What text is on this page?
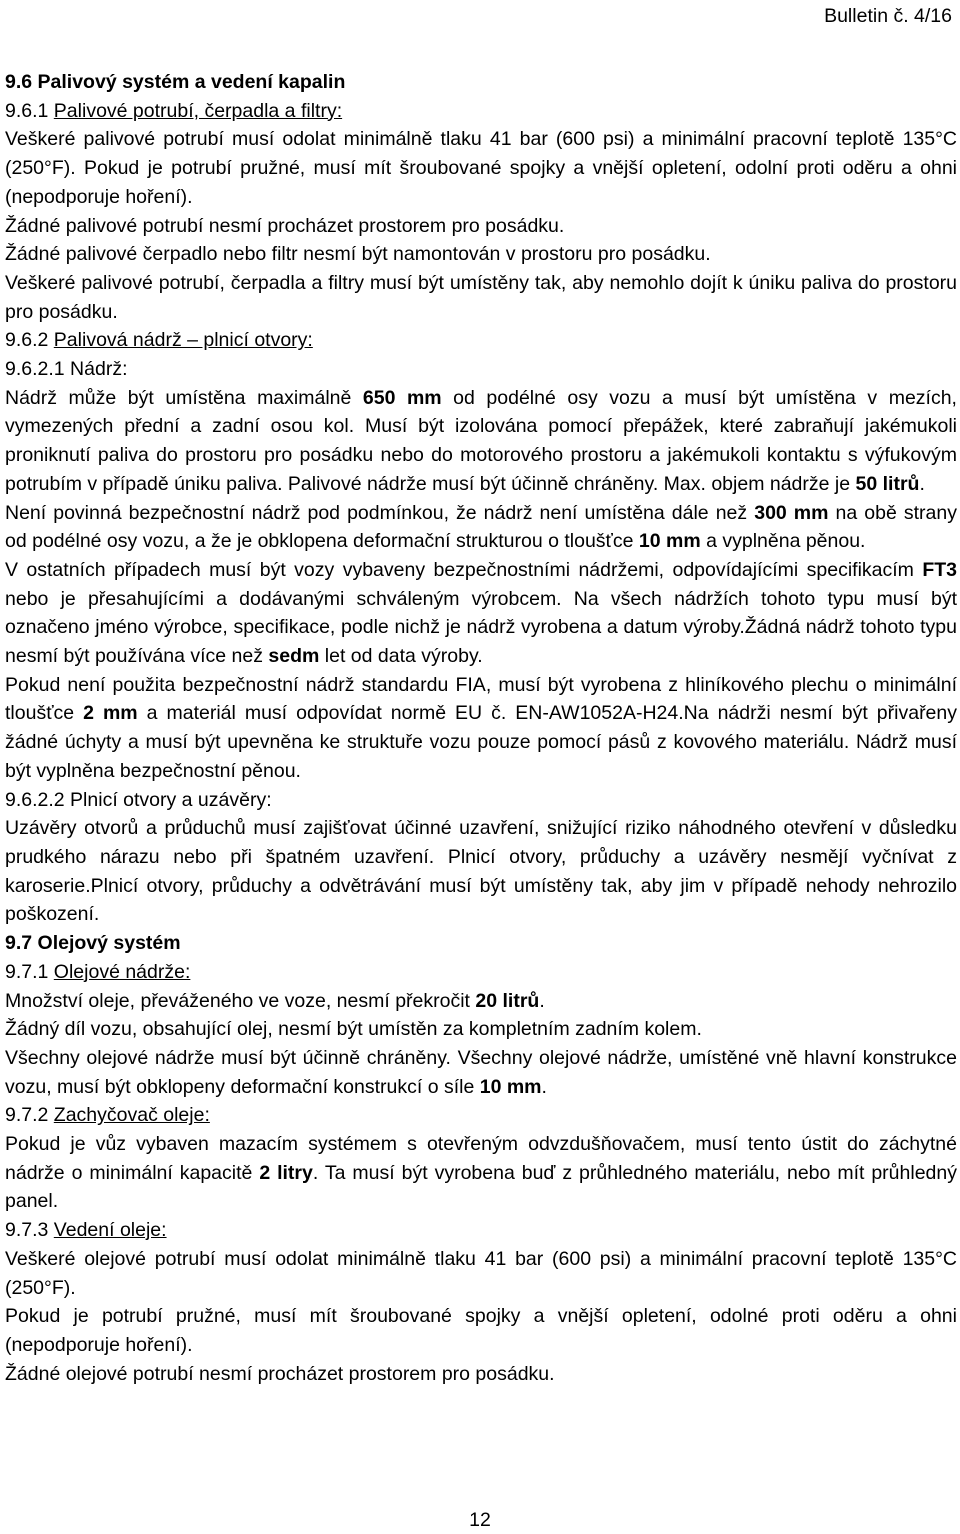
Bulletin č. 4/16

9.6 Palivový systém a vedení kapalin

9.6.1 Palivové potrubí, čerpadla a filtry:

Veškeré palivové potrubí musí odolat minimálně tlaku 41 bar (600 psi) a minimální pracovní teplotě 135°C (250°F). Pokud je potrubí pružné, musí mít šroubované spojky a vnější opletení, odolní proti oděru a ohni (nepodporuje hoření).

Žádné palivové potrubí nesmí procházet prostorem pro posádku.

Žádné palivové čerpadlo nebo filtr nesmí být namontován v prostoru pro posádku.

Veškeré palivové potrubí, čerpadla a filtry musí být umístěny tak, aby nemohlo dojít k úniku paliva do prostoru pro posádku.

9.6.2 Palivová nádrž – plnicí otvory:

9.6.2.1 Nádrž:

Nádrž může být umístěna maximálně 650 mm od podélné osy vozu a musí být umístěna v mezích, vymezených přední a zadní osou kol. Musí být izolována pomocí přepážek, které zabraňují jakémukoli proniknutí paliva do prostoru pro posádku nebo do motorového prostoru a jakémukoli kontaktu s výfukovým potrubím v případě úniku paliva. Palivové nádrže musí být účinně chráněny. Max. objem nádrže je 50 litrů.

Není povinná bezpečnostní nádrž pod podmínkou, že nádrž není umístěna dále než 300 mm na obě strany od podélné osy vozu, a že je obklopena deformační strukturou o tloušťce 10 mm a vyplněna pěnou.

V ostatních případech musí být vozy vybaveny bezpečnostními nádržemi, odpovídajícími specifikacím FT3 nebo je přesahujícími a dodávanými schváleným výrobcem. Na všech nádržích tohoto typu musí být označeno jméno výrobce, specifikace, podle nichž je nádrž vyrobena a datum výroby.Žádná nádrž tohoto typu nesmí být používána více než sedm let od data výroby.

Pokud není použita bezpečnostní nádrž standardu FIA, musí být vyrobena z hliníkového plechu o minimální tloušťce 2 mm a materiál musí odpovídat normě EU č. EN-AW1052A-H24.Na nádrži nesmí být přivařeny žádné úchyty a musí být upevněna ke struktuře vozu pouze pomocí pásů z kovového materiálu. Nádrž musí být vyplněna bezpečnostní pěnou.

9.6.2.2 Plnicí otvory a uzávěry:

Uzávěry otvorů a průduchů musí zajišťovat účinné uzavření, snižující riziko náhodného otevření v důsledku prudkého nárazu nebo při špatném uzavření. Plnicí otvory, průduchy a uzávěry nesmějí vyčnívat z karoserie.Plnicí otvory, průduchy a odvětrávání musí být umístěny tak, aby jim v případě nehody nehrozilo poškození.

9.7 Olejový systém

9.7.1 Olejové nádrže:

Množství oleje, převáženého ve voze, nesmí překročit 20 litrů.

Žádný díl vozu, obsahující olej, nesmí být umístěn za kompletním zadním kolem.

Všechny olejové nádrže musí být účinně chráněny. Všechny olejové nádrže, umístěné vně hlavní konstrukce vozu, musí být obklopeny deformační konstrukcí o síle 10 mm.

9.7.2 Zachyčovač oleje:

Pokud je vůz vybaven mazacím systémem s otevřeným odvzdušňovačem, musí tento ústit do záchytné nádrže o minimální kapacitě 2 litry. Ta musí být vyrobena buď z průhledného materiálu, nebo mít průhledný panel.

9.7.3 Vedení oleje:

Veškeré olejové potrubí musí odolat minimálně tlaku 41 bar (600 psi) a minimální pracovní teplotě 135°C (250°F).

Pokud je potrubí pružné, musí mít šroubované spojky a vnější opletení, odolné proti oděru a ohni (nepodporuje hoření).

Žádné olejové potrubí nesmí procházet prostorem pro posádku.

12
